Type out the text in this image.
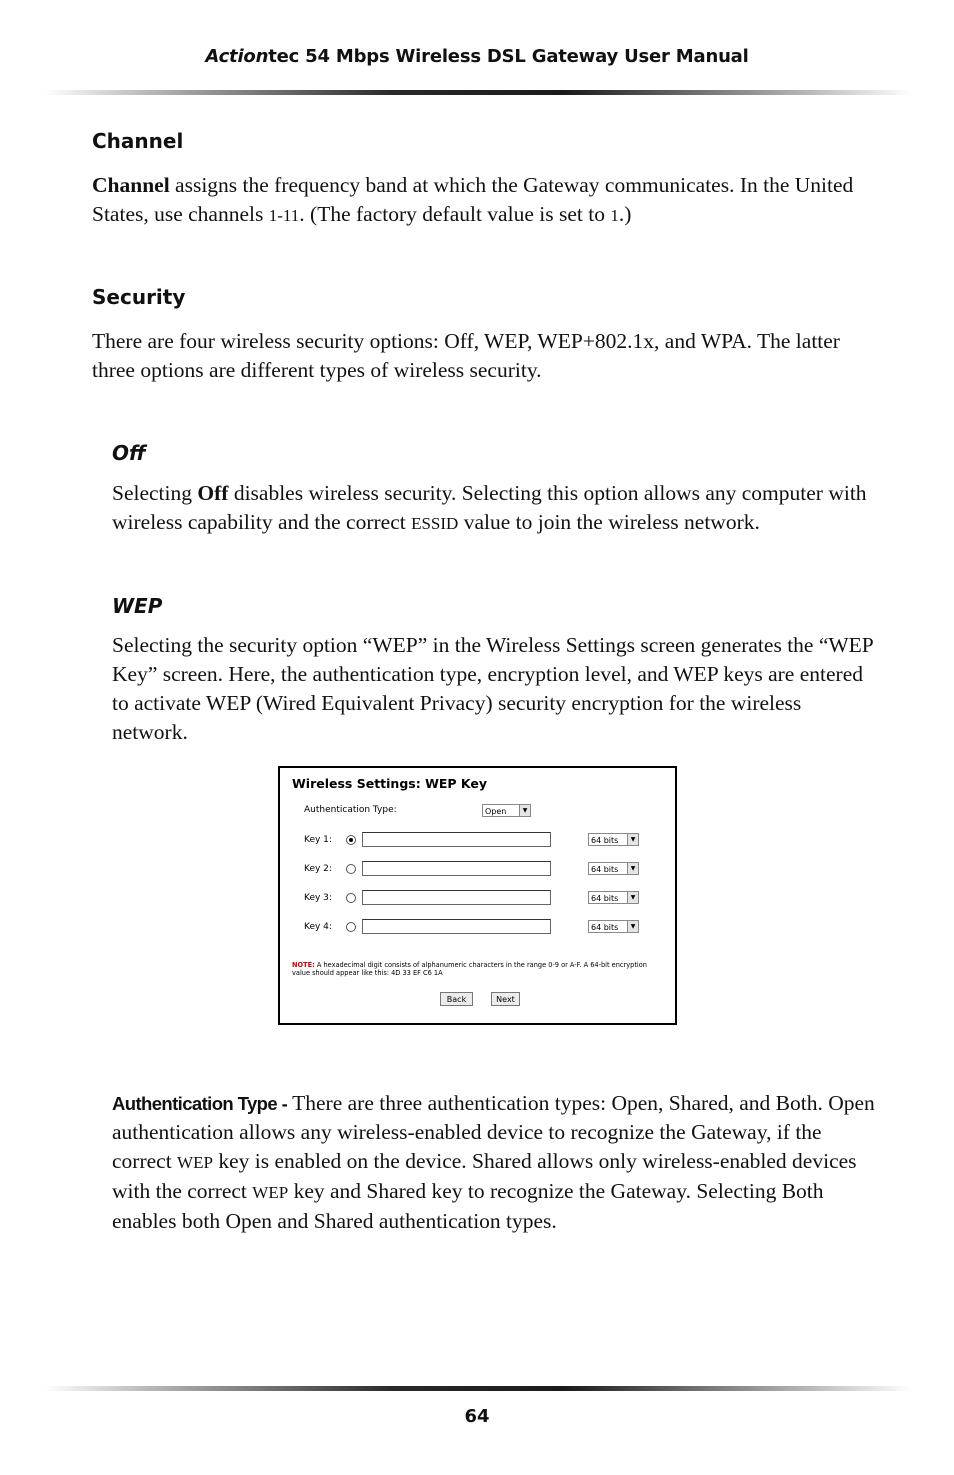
Actiontec 54 Mbps Wireless DSL Gateway User Manual
Channel

Channel assigns the frequency band at which the Gateway communicates. In the United States, use channels 1-11. (The factory default value is set to 1.)

Security

There are four wireless security options: Off, WEP, WEP+802.1x, and WPA. The latter three options are different types of wireless security.

Off

Selecting Off disables wireless security. Selecting this option allows any computer with wireless capability and the correct ESSID value to join the wireless network.

WEP

Selecting the security option “WEP” in the Wireless Settings screen generates the “WEP Key” screen. Here, the authentication type, encryption level, and WEP keys are entered to activate WEP (Wired Equivalent Privacy) security encryption for the wireless network.

Wireless Settings: WEP Key
Authentication Type:	Open	▼
Key 1:	64 bits	▼
Key 2:	64 bits	▼
Key 3:	64 bits	▼
Key 4:	64 bits	▼
NOTE: A hexadecimal digit consists of alphanumeric characters in the range 0-9 or A-F. A 64-bit encryption value should appear like this: 4D 33 EF C6 1A
Back	Next

Authentication Type - There are three authentication types: Open, Shared, and Both. Open authentication allows any wireless-enabled device to recognize the Gateway, if the correct WEP key is enabled on the device. Shared allows only wireless-enabled devices with the correct WEP key and Shared key to recognize the Gateway. Selecting Both enables both Open and Shared authentication types.

64
